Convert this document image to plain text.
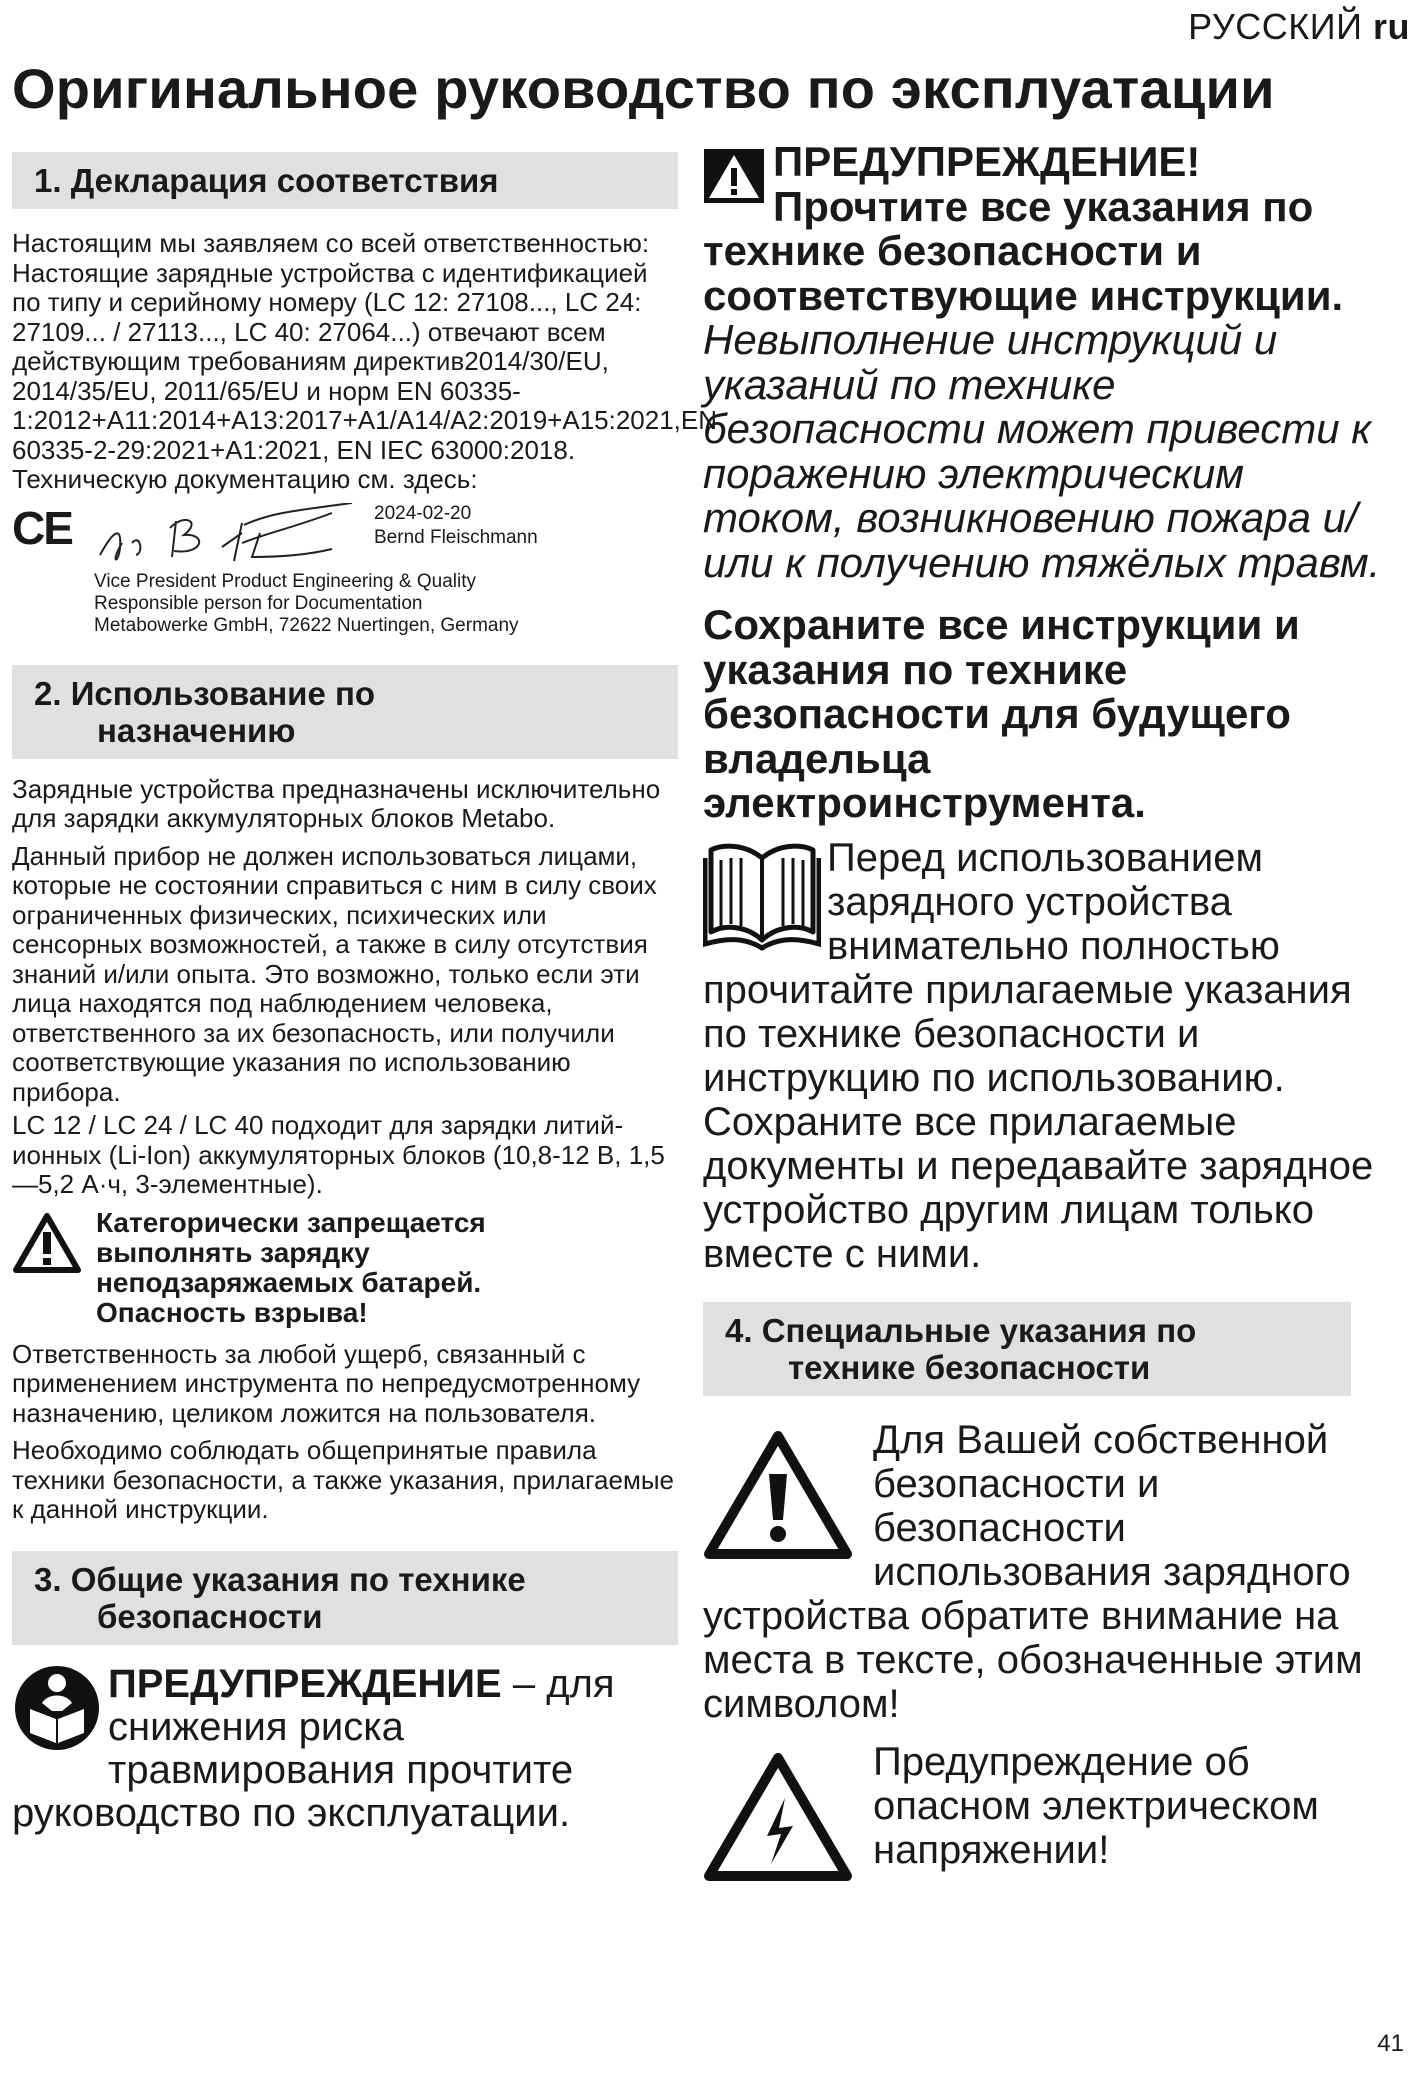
РУССКИЙ ru
Оригинальное руководство по эксплуатации
1. Декларация соответствия

Настоящим мы заявляем со всей ответственностью: Настоящие зарядные устройства с идентификацией по типу и серийному номеру (LC 12: 27108..., LC 24: 27109... / 27113..., LC 40: 27064...) отвечают всем действующим требованиям директив2014/30/EU, 2014/35/EU, 2011/65/EU и норм EN 60335-1:2012+A11:2014+A13:2017+A1/A14/A2:2019+A15:2021,EN 60335-2-29:2021+A1:2021, EN IEC 63000:2018. Техническую документацию см. здесь:

CE	2024-02-20
Bernd Fleischmann
Vice President Product Engineering & Quality
Responsible person for Documentation
Metabowerke GmbH, 72622 Nuertingen, Germany
2. Использование по
назначению

Зарядные устройства предназначены исключительно для зарядки аккумуляторных блоков Metabo.

Данный прибор не должен использоваться лицами, которые не состоянии справиться с ним в силу своих ограниченных физических, психических или сенсорных возможностей, а также в силу отсутствия знаний и/или опыта. Это возможно, только если эти лица находятся под наблюдением человека, ответственного за их безопасность, или получили соответствующие указания по использованию прибора.

LC 12 / LC 24 / LC 40 подходит для зарядки литий-ионных (Li-Ion) аккумуляторных блоков (10,8-12 В, 1,5—5,2 А·ч, 3-элементные).

Категорически запрещается выполнять зарядку неподзаряжаемых батарей. Опасность взрыва!

Ответственность за любой ущерб, связанный с применением инструмента по непредусмотренному назначению, целиком ложится на пользователя.

Необходимо соблюдать общепринятые правила техники безопасности, а также указания, прилагаемые к данной инструкции.

3. Общие указания по технике
безопасности

ПРЕДУПРЕЖДЕНИЕ – для снижения риска травмирования прочтите руководство по эксплуатации.

ПРЕДУПРЕЖДЕНИЕ!
Прочтите все указания по технике безопасности и соответствующие инструкции. Невыполнение инструкций и указаний по технике безопасности может привести к поражению электрическим током, возникновению пожара и/или к получению тяжёлых травм.

Сохраните все инструкции и указания по технике безопасности для будущего владельца электроинструмента.

Перед использованием зарядного устройства внимательно полностью прочитайте прилагаемые указания по технике безопасности и инструкцию по использованию. Сохраните все прилагаемые документы и передавайте зарядное устройство другим лицам только вместе с ними.

4. Специальные указания по
технике безопасности

Для Вашей собственной безопасности и безопасности использования зарядного устройства обратите внимание на места в тексте, обозначенные этим символом!

Предупреждение об опасном электрическом напряжении!

41
